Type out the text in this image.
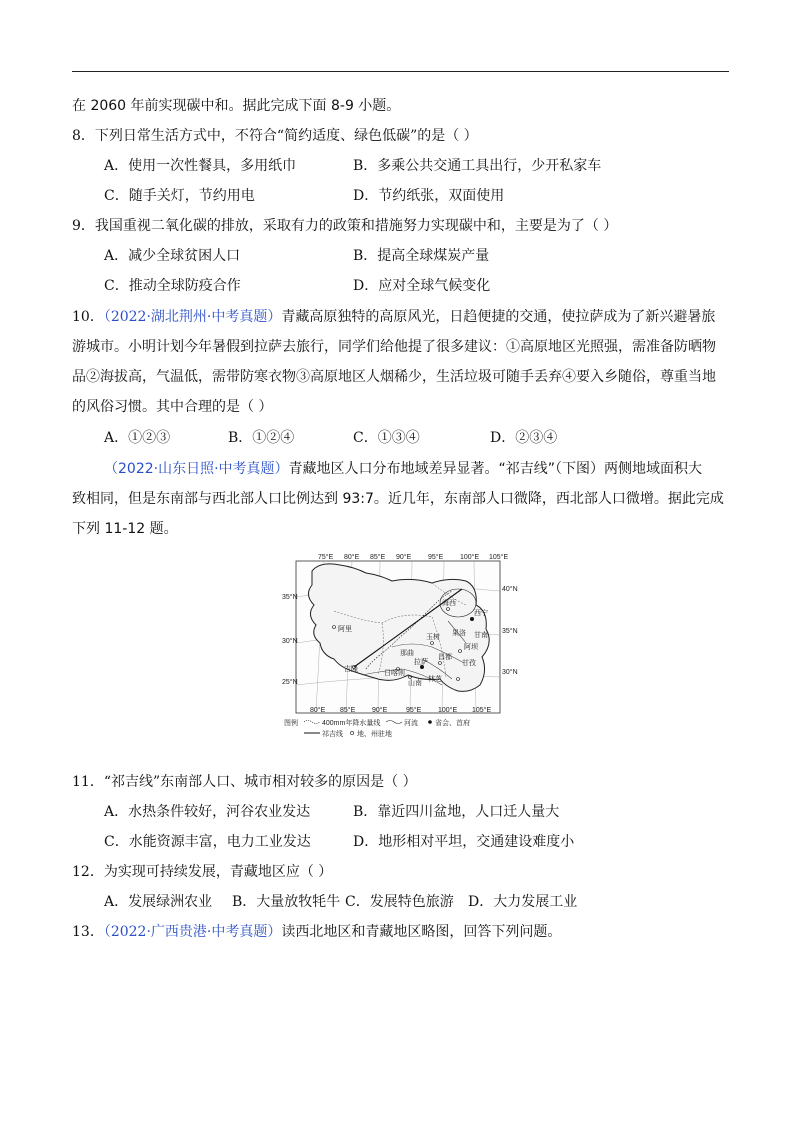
在 2060 年前实现碳中和。据此完成下面 8-9 小题。
8．下列日常生活方式中，不符合“简约适度、绿色低碳”的是（ ）
A．使用一次性餐具，多用纸巾	B．多乘公共交通工具出行，少开私家车
C．随手关灯，节约用电	D．节约纸张，双面使用
9．我国重视二氧化碳的排放，采取有力的政策和措施努力实现碳中和，主要是为了（ ）
A．减少全球贫困人口	B．提高全球煤炭产量
C．推动全球防疫合作	D．应对全球气候变化
10．（2022·湖北荆州·中考真题）青藏高原独特的高原风光，日趋便捷的交通，使拉萨成为了新兴避暑旅
游城市。小明计划今年暑假到拉萨去旅行，同学们给他提了很多建议：①高原地区光照强，需准备防晒物
品②海拔高，气温低，需带防寒衣物③高原地区人烟稀少，生活垃圾可随手丢弃④要入乡随俗，尊重当地
的风俗习惯。其中合理的是（ ）
A．①②③	B．①②④	C．①③④	D．②③④
（2022·山东日照·中考真题）青藏地区人口分布地域差异显著。“祁吉线”（下图）两侧地域面积大
致相同，但是东南部与西北部人口比例达到 93:7。近几年，东南部人口微降，西北部人口微增。据此完成
下列 11-12 题。
75°E 80°E 85°E 90°E 95°E 100°E 105°E
阿里
海西
西宁
甘南
阿坝
甘孜
日喀则
那曲
山南
林芝
拉萨
玉树
果洛
昌都
吉隆
35°N
30°N
25°N
40°N
35°N
30°N
80°E 85°E 90°E	95°E 100°E 105°E
图例	400mm年降水量线	河流 省会、首府
祁吉线 地、州驻地
11．“祁吉线”东南部人口、城市相对较多的原因是（ ）
A．水热条件较好，河谷农业发达	B．靠近四川盆地，人口迁人量大
C．水能资源丰富，电力工业发达	D．地形相对平坦，交通建设难度小
12．为实现可持续发展，青藏地区应（ ）
A．发展绿洲农业 B．大量放牧牦牛 C．发展特色旅游 D．大力发展工业
13．（2022·广西贵港·中考真题）读西北地区和青藏地区略图，回答下列问题。
